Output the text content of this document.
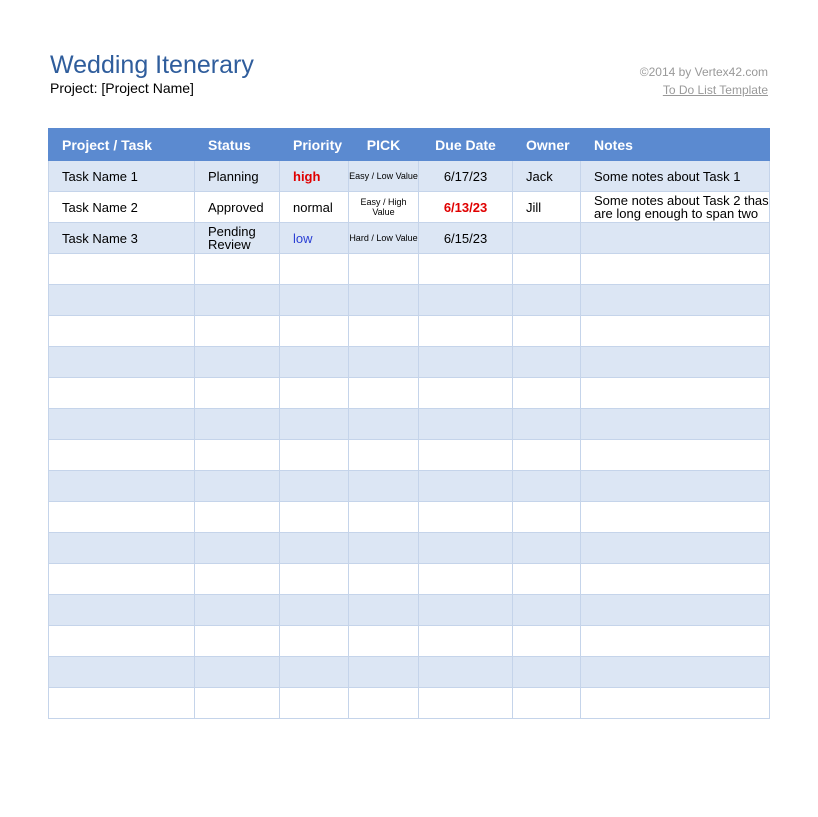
Wedding Itenerary
Project: [Project Name]
©2014 by Vertex42.com
To Do List Template
Project / Task	Status	Priority	PICK	Due Date	Owner	Notes
Task Name 1	Planning	high	Easy / Low Value	6/17/23	Jack	Some notes about Task 1
Task Name 2	Approved	normal	Easy / High Value	6/13/23	Jill	Some notes about Task 2 thas are long enough to span two
Task Name 3	Pending Review	low	Hard / Low Value	6/15/23		
